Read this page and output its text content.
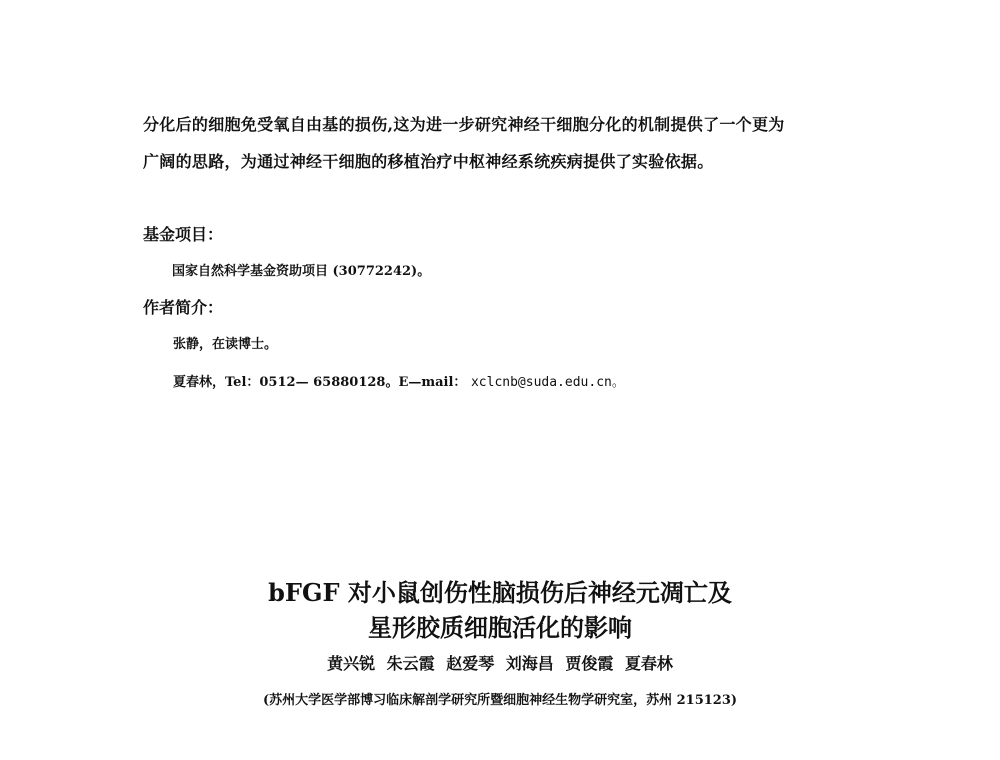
分化后的细胞免受氧自由基的损伤,这为进一步研究神经干细胞分化的机制提供了一个更为
广阔的思路，为通过神经干细胞的移植治疗中枢神经系统疾病提供了实验依据。
基金项目：
国家自然科学基金资助项目 (30772242)。
作者简介：
张静，在读博士。
夏春林，Tel：0512— 65880128。E—mail： xclcnb@suda.edu.cn。
bFGF 对小鼠创伤性脑损伤后神经元凋亡及
星形胶质细胞活化的影响
黄兴锐 朱云霞 赵爱琴 刘海昌 贾俊霞 夏春林
(苏州大学医学部博习临床解剖学研究所暨细胞神经生物学研究室，苏州 215123)
